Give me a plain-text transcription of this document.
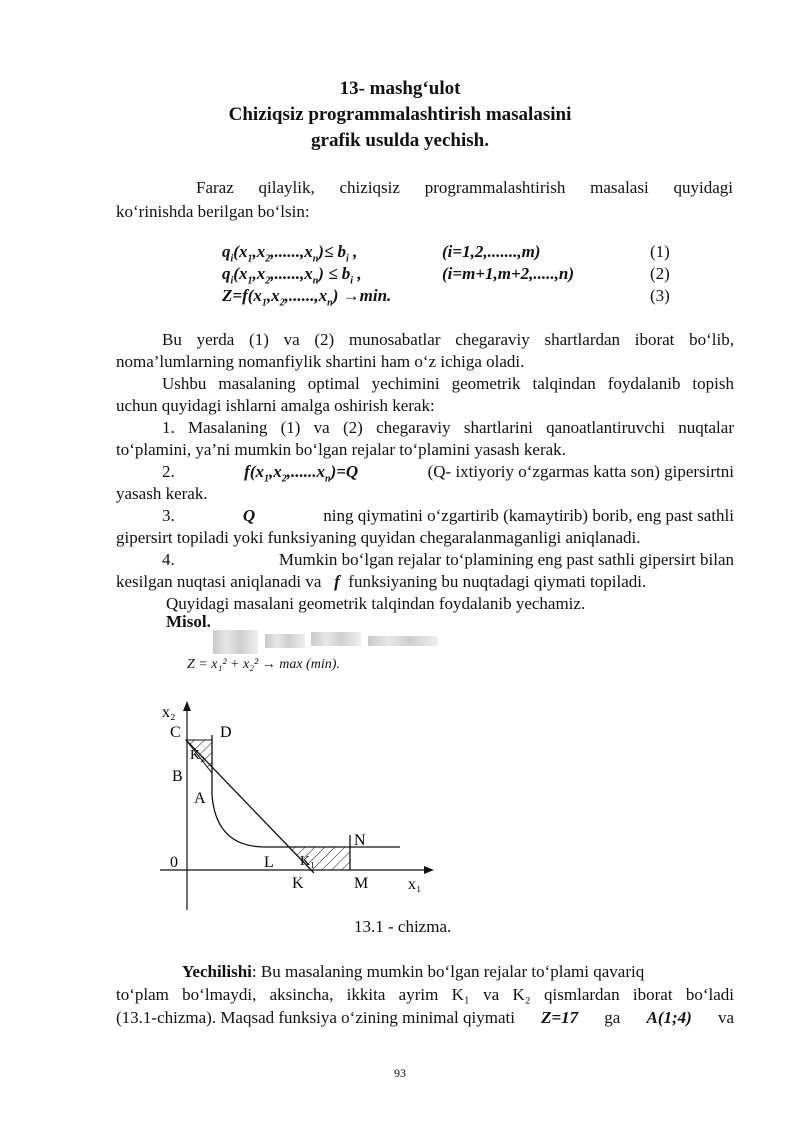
13- mashg‘ulot
Chiziqsiz programmalashtirish masalasini
grafik usulda yechish.
Faraz qilaylik, chiziqsiz programmalashtirish masalasi quyidagi
ko‘rinishda berilgan bo‘lsin:
$q_i(x_1,x_2,......,x_n)\le b_i$ ,	(i=1,2,.......,m)	(1)
$q_i(x_1,x_2,......,x_n) \le b_i$ ,	(i=m+1,m+2,.....,n)	(2)
$Z=f(x_1,x_2,......,x_n) \to\min$.	(3)
Bu yerda (1) va (2) munosabatlar chegaraviy shartlardan iborat bo‘lib,
noma’lumlarning nomanfiylik shartini ham o‘z ichiga oladi.
Ushbu masalaning optimal yechimini geometrik talqindan foydalanib topish
uchun quyidagi ishlarni amalga oshirish kerak:
1. Masalaning (1) va (2) chegaraviy shartlarini qanoatlantiruvchi nuqtalar
to‘plamini, ya’ni mumkin bo‘lgan rejalar to‘plamini yasash kerak.
2.	$f(x_1,x_2,......x_n)=Q$	(Q- ixtiyoriy o‘zgarmas katta son) gipersirtni
yasash kerak.
3.	Q	ning qiymatini o‘zgartirib (kamaytirib) borib, eng past sathli
gipersirt topiladi yoki funksiyaning quyidan chegaralanmaganligi aniqlanadi.
4.	Mumkin bo‘lgan rejalar to‘plamining eng past sathli gipersirt bilan
kesilgan nuqtasi aniqlanadi va f funksiyaning bu nuqtadagi qiymati topiladi.
Quyidagi masalani geometrik talqindan foydalanib yechamiz.
Misol.
Z = x₁² + x₂² → max (min).
x₂
C D
K₂
B
A
N
0	L K₁
K	M x₁
13.1 - chizma.
Yechilishi: Bu masalaning mumkin bo‘lgan rejalar to‘plami qavariq
to‘plam bo‘lmaydi, aksincha, ikkita ayrim K₁ va K₂ qismlardan iborat bo‘ladi
(13.1-chizma). Maqsad funksiya o‘zining minimal qiymati Z=17 ga A(1;4) va
93
